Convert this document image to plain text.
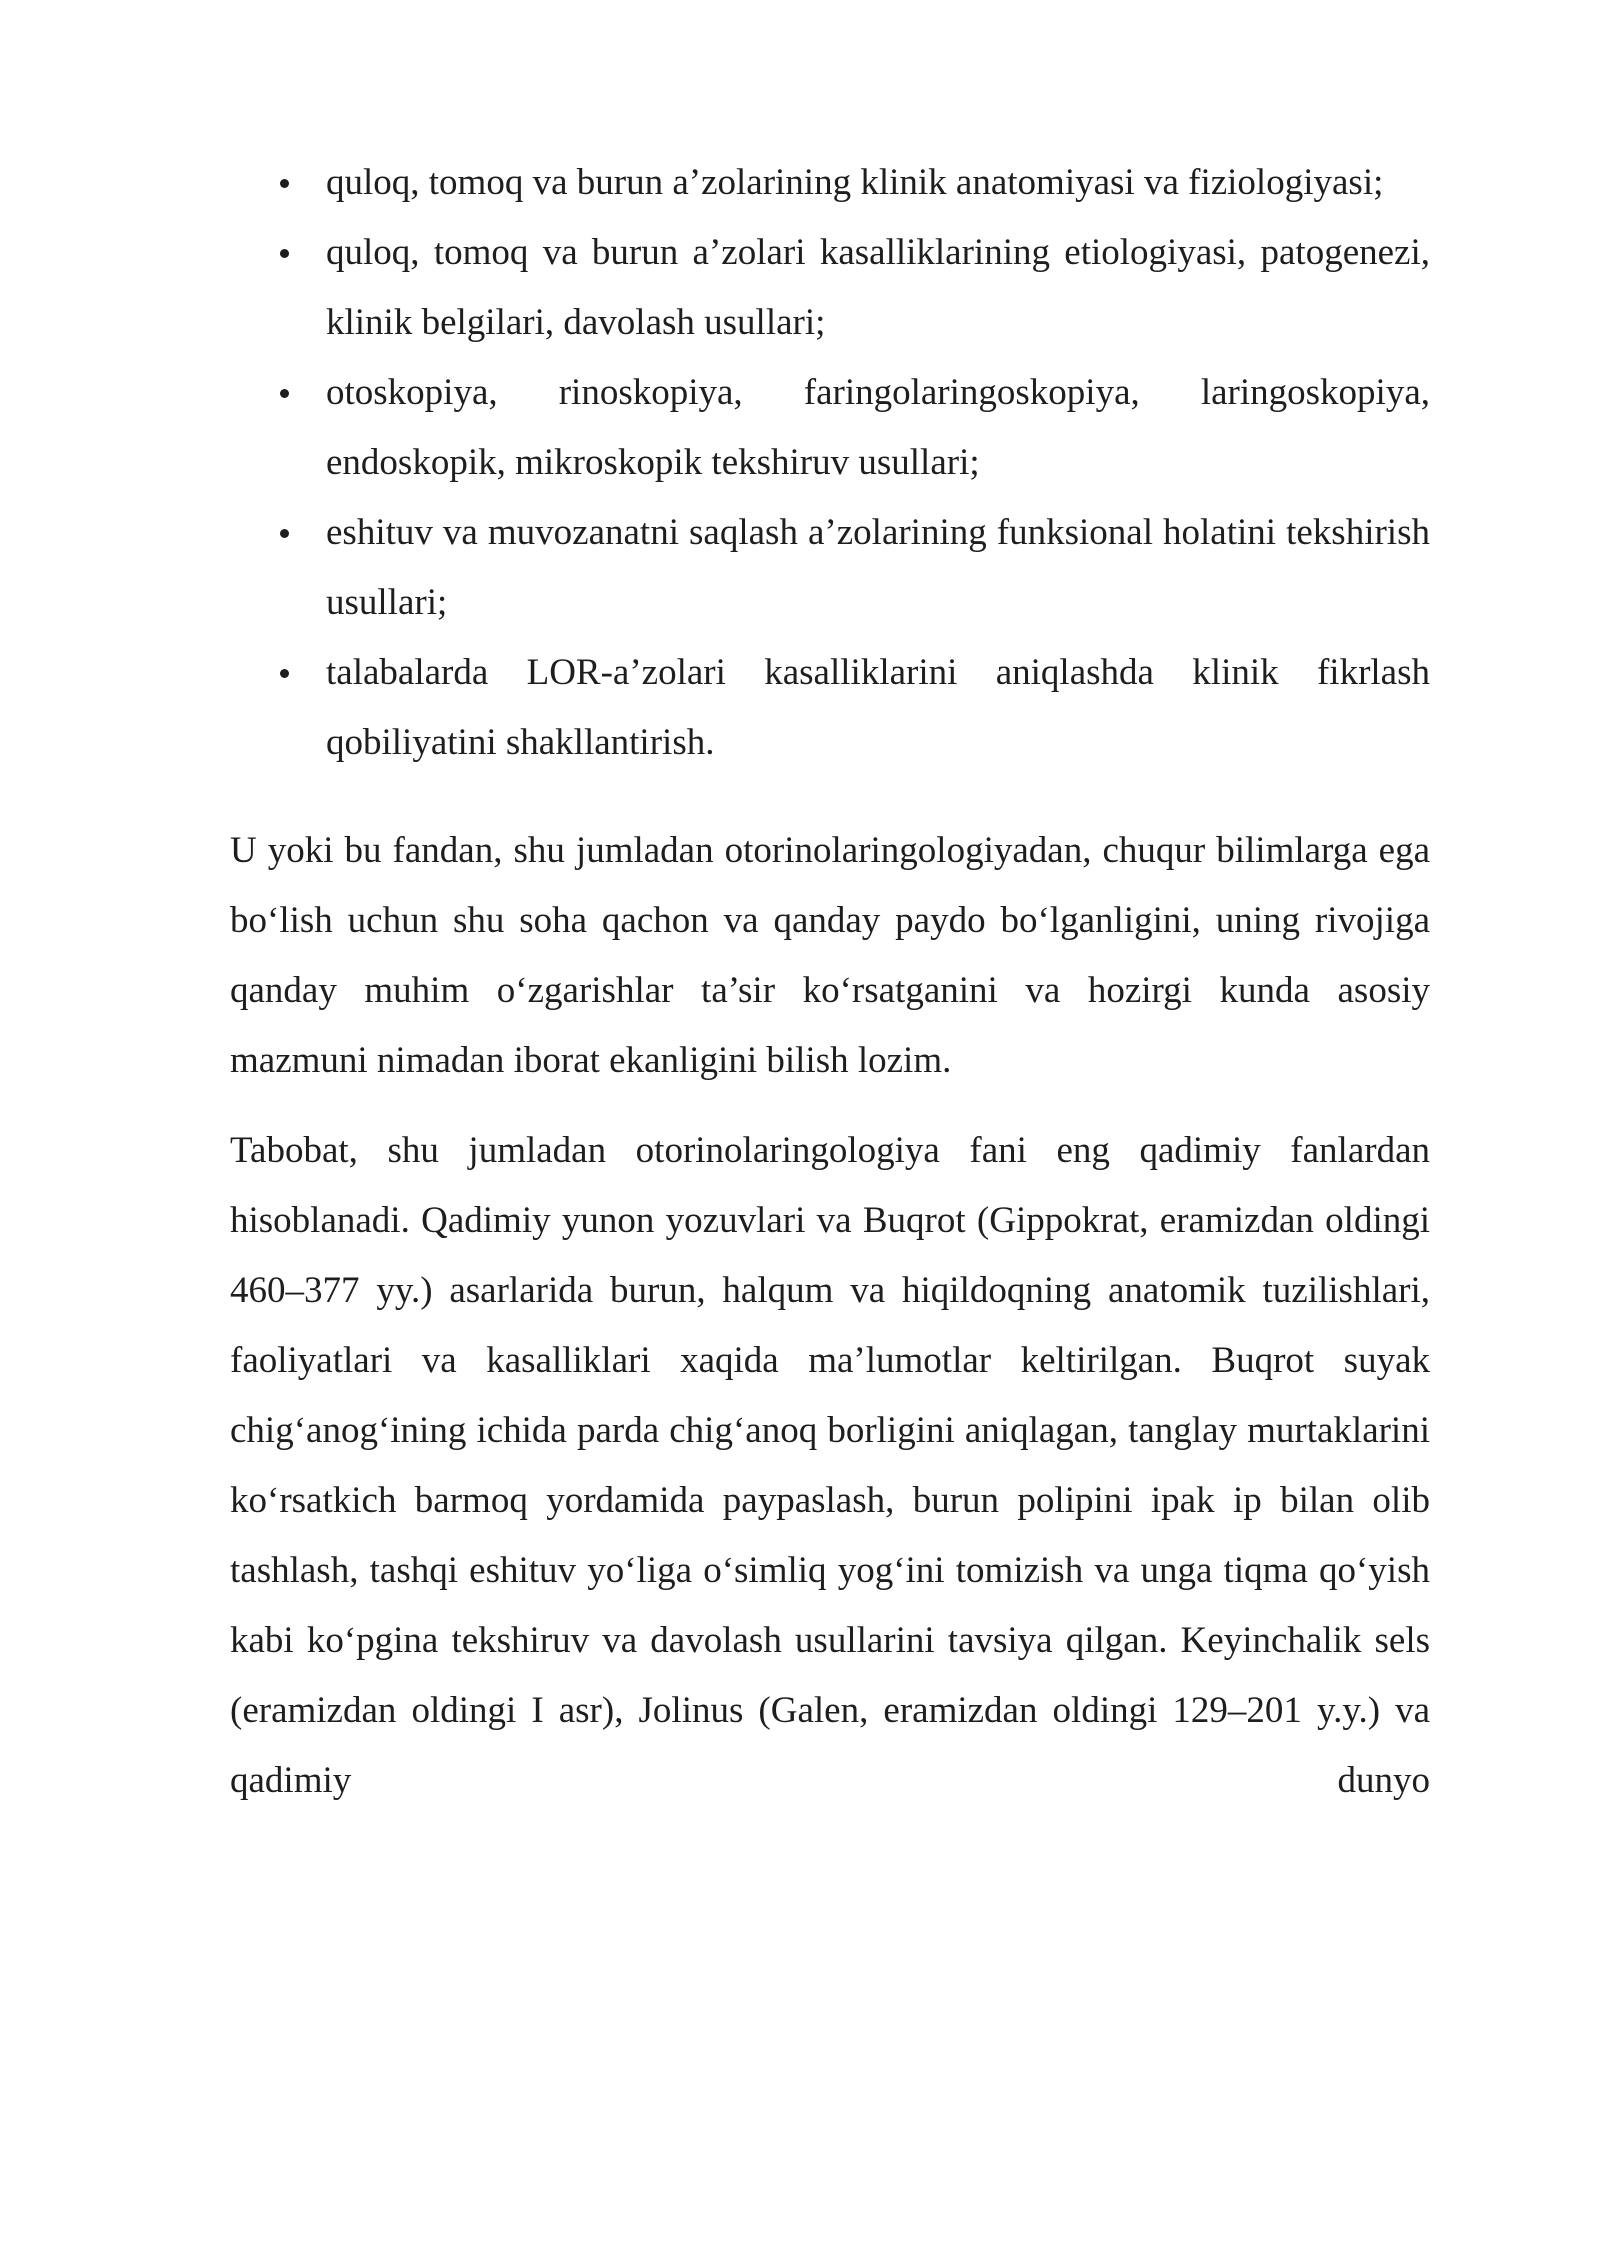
quloq, tomoq va burun a’zolarining klinik anatomiyasi va fiziologiyasi;
quloq, tomoq va burun a’zolari kasalliklarining etiologiyasi, patogenezi, klinik belgilari, davolash usullari;
otoskopiya, rinoskopiya, faringolaringoskopiya, laringoskopiya, endoskopik, mikroskopik tekshiruv usullari;
eshituv va muvozanatni saqlash a’zolarining funksional holatini tekshirish usullari;
talabalarda LOR-a’zolari kasalliklarini aniqlashda klinik fikrlash qobiliyatini shakllantirish.

U yoki bu fandan, shu jumladan otorinolaringologiyadan, chuqur bilimlarga ega bo‘lish uchun shu soha qachon va qanday paydo bo‘lganligini, uning rivojiga qanday muhim o‘zgarishlar ta’sir ko‘rsatganini va hozirgi kunda asosiy mazmuni nimadan iborat ekanligini bilish lozim.

Tabobat, shu jumladan otorinolaringologiya fani eng qadimiy fanlardan hisoblanadi. Qadimiy yunon yozuvlari va Buqrot (Gippokrat, eramizdan oldingi 460–377 yy.) asarlarida burun, halqum va hiqildoqning anatomik tuzilishlari, faoliyatlari va kasalliklari xaqida ma’lumotlar keltirilgan. Buqrot suyak chig‘anog‘ining ichida parda chig‘anoq borligini aniqlagan, tanglay murtaklarini ko‘rsatkich barmoq yordamida paypaslash, burun polipini ipak ip bilan olib tashlash, tashqi eshituv yo‘liga o‘simliq yog‘ini tomizish va unga tiqma qo‘yish kabi ko‘pgina tekshiruv va davolash usullarini tavsiya qilgan. Keyinchalik sels (eramizdan oldingi I asr), Jolinus (Galen, eramizdan oldingi 129–201 y.y.) va qadimiy dunyo
